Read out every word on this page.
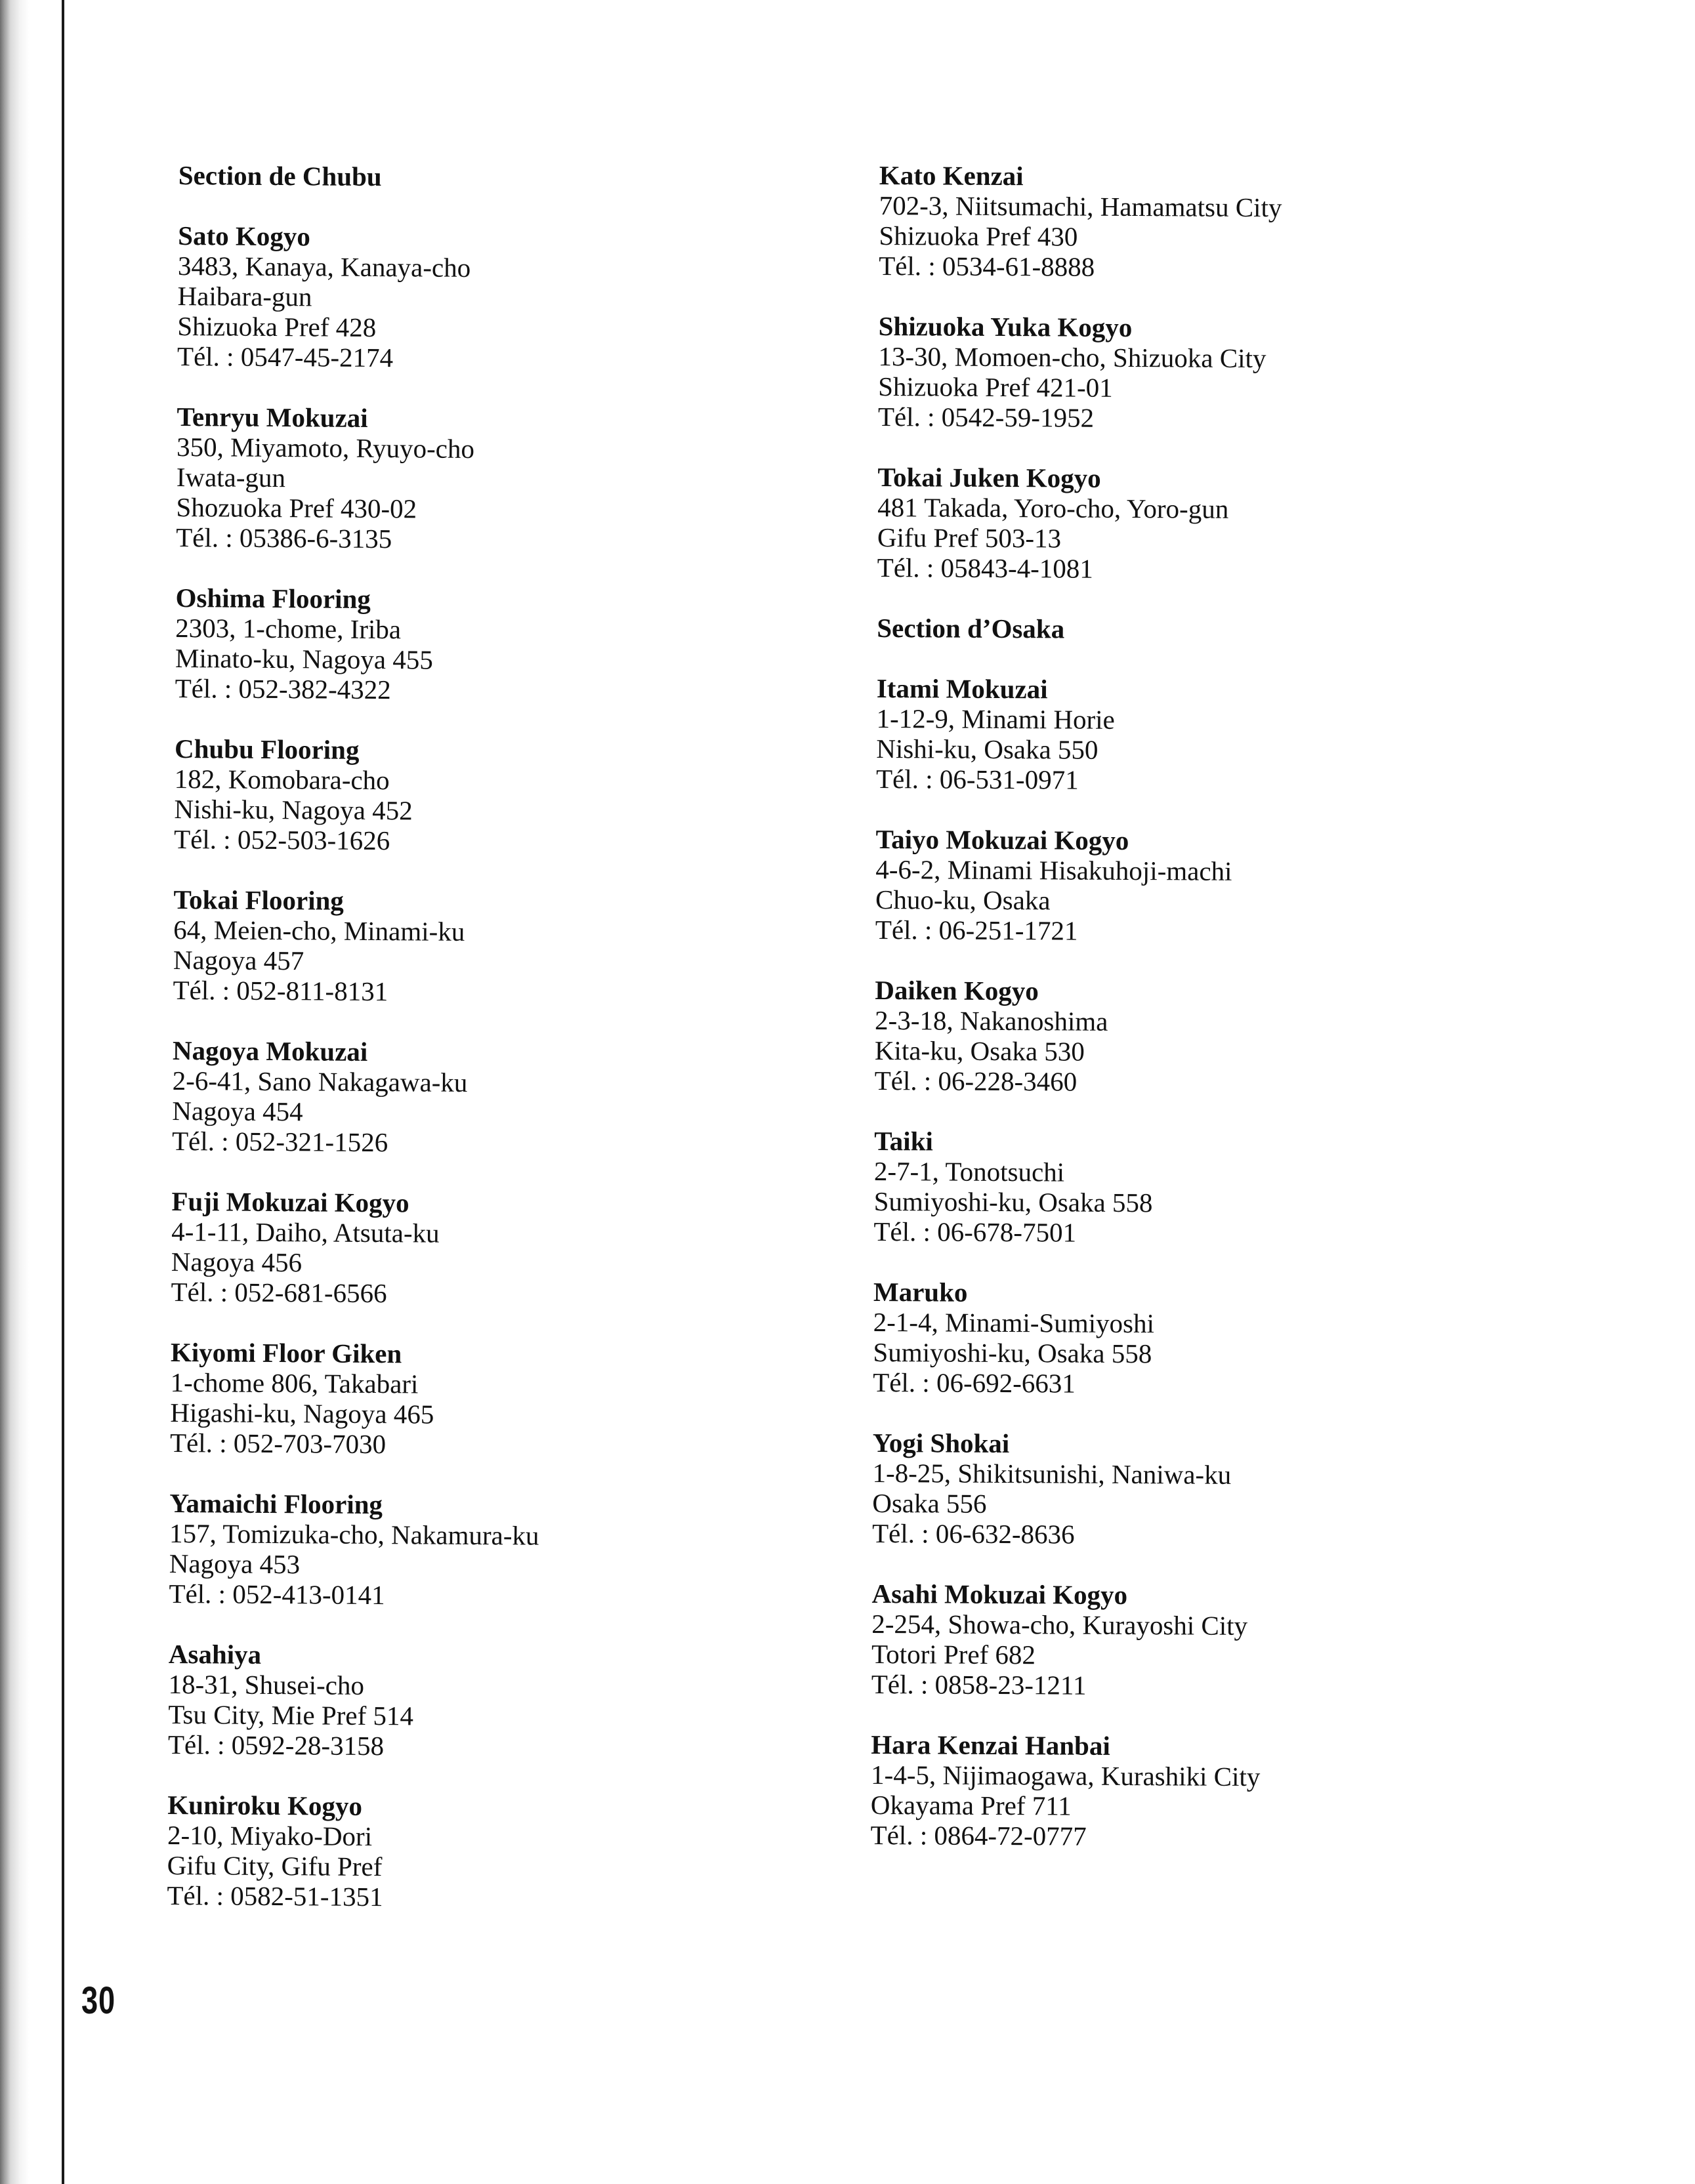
Section de Chubu
Sato Kogyo
3483, Kanaya, Kanaya-cho
Haibara-gun
Shizuoka Pref 428
Tél. : 0547-45-2174
Tenryu Mokuzai
350, Miyamoto, Ryuyo-cho
Iwata-gun
Shozuoka Pref 430-02
Tél. : 05386-6-3135
Oshima Flooring
2303, 1-chome, Iriba
Minato-ku, Nagoya 455
Tél. : 052-382-4322
Chubu Flooring
182, Komobara-cho
Nishi-ku, Nagoya 452
Tél. : 052-503-1626
Tokai Flooring
64, Meien-cho, Minami-ku
Nagoya 457
Tél. : 052-811-8131
Nagoya Mokuzai
2-6-41, Sano Nakagawa-ku
Nagoya 454
Tél. : 052-321-1526
Fuji Mokuzai Kogyo
4-1-11, Daiho, Atsuta-ku
Nagoya 456
Tél. : 052-681-6566
Kiyomi Floor Giken
1-chome 806, Takabari
Higashi-ku, Nagoya 465
Tél. : 052-703-7030
Yamaichi Flooring
157, Tomizuka-cho, Nakamura-ku
Nagoya 453
Tél. : 052-413-0141
Asahiya
18-31, Shusei-cho
Tsu City, Mie Pref 514
Tél. : 0592-28-3158
Kuniroku Kogyo
2-10, Miyako-Dori
Gifu City, Gifu Pref
Tél. : 0582-51-1351
Kato Kenzai
702-3, Niitsumachi, Hamamatsu City
Shizuoka Pref 430
Tél. : 0534-61-8888
Shizuoka Yuka Kogyo
13-30, Momoen-cho, Shizuoka City
Shizuoka Pref 421-01
Tél. : 0542-59-1952
Tokai Juken Kogyo
481 Takada, Yoro-cho, Yoro-gun
Gifu Pref 503-13
Tél. : 05843-4-1081
Section d’Osaka
Itami Mokuzai
1-12-9, Minami Horie
Nishi-ku, Osaka 550
Tél. : 06-531-0971
Taiyo Mokuzai Kogyo
4-6-2, Minami Hisakuhoji-machi
Chuo-ku, Osaka
Tél. : 06-251-1721
Daiken Kogyo
2-3-18, Nakanoshima
Kita-ku, Osaka 530
Tél. : 06-228-3460
Taiki
2-7-1, Tonotsuchi
Sumiyoshi-ku, Osaka 558
Tél. : 06-678-7501
Maruko
2-1-4, Minami-Sumiyoshi
Sumiyoshi-ku, Osaka 558
Tél. : 06-692-6631
Yogi Shokai
1-8-25, Shikitsunishi, Naniwa-ku
Osaka 556
Tél. : 06-632-8636
Asahi Mokuzai Kogyo
2-254, Showa-cho, Kurayoshi City
Totori Pref 682
Tél. : 0858-23-1211
Hara Kenzai Hanbai
1-4-5, Nijimaogawa, Kurashiki City
Okayama Pref 711
Tél. : 0864-72-0777
30
